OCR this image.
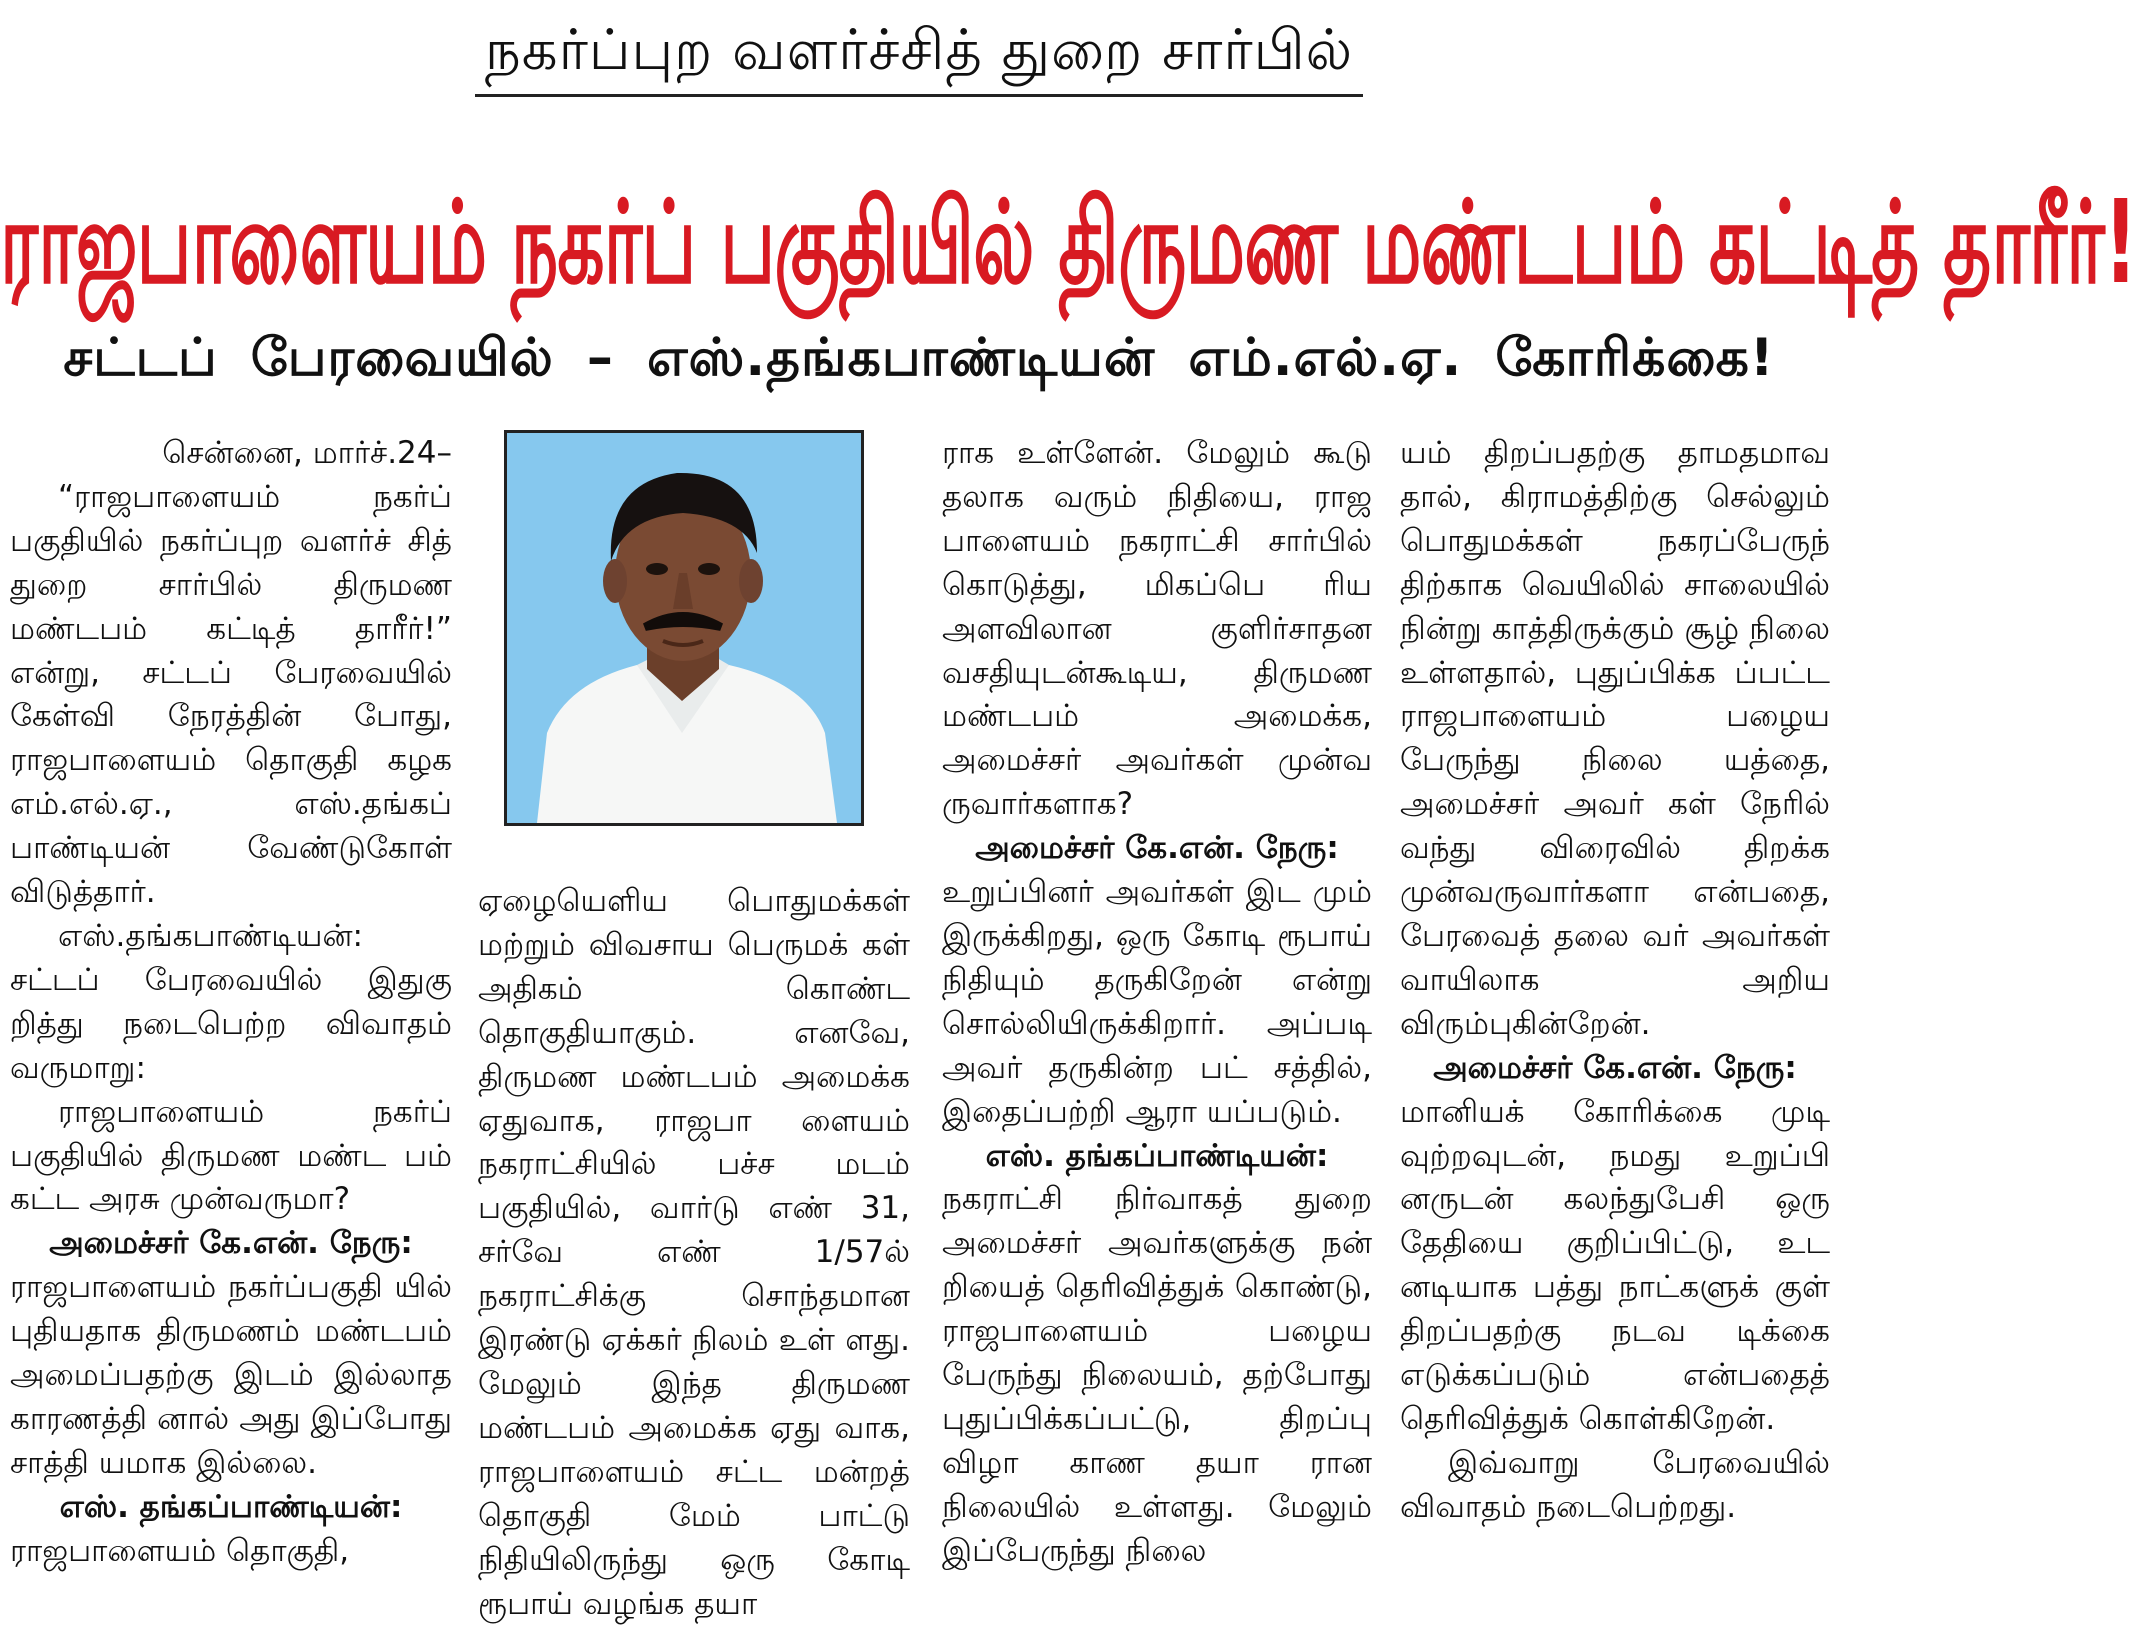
நகர்ப்புற வளர்ச்சித் துறை சார்பில்
ராஜபாளையம் நகர்ப் பகுதியில் திருமண மண்டபம் கட்டித் தாரீர்!
சட்டப் பேரவையில் – எஸ்.தங்கபாண்டியன் எம்.எல்.ஏ. கோரிக்கை!

சென்னை, மார்ச்.24–

“ராஜபாளையம் நகர்ப் பகுதியில் நகர்ப்புற வளர்ச் சித் துறை சார்பில் திருமண மண்டபம் கட்டித் தாரீர்!” என்று, சட்டப் பேரவையில் கேள்வி நேரத்தின் போது, ராஜபாளையம் தொகுதி கழக எம்.எல்.ஏ., எஸ்.தங்கப் பாண்டியன் வேண்டுகோள் விடுத்தார்.

எஸ்.தங்கபாண்டியன்: சட்டப் பேரவையில் இதுகு றித்து நடைபெற்ற விவாதம் வருமாறு:

ராஜபாளையம் நகர்ப் பகுதியில் திருமண மண்ட பம் கட்ட அரசு முன்வருமா?

அமைச்சர் கே.என். நேரு:

ராஜபாளையம் நகர்ப்பகுதி யில் புதியதாக திருமணம் மண்டபம் அமைப்பதற்கு இடம் இல்லாத காரணத்தி னால் அது இப்போது சாத்தி யமாக இல்லை.

எஸ். தங்கப்பாண்டியன்:

ராஜபாளையம் தொகுதி,

ஏழையெளிய பொதுமக்கள் மற்றும் விவசாய பெருமக் கள் அதிகம் கொண்ட தொகுதியாகும். எனவே, திருமண மண்டபம் அமைக்க ஏதுவாக, ராஜபா ளையம் நகராட்சியில் பச்ச மடம் பகுதியில், வார்டு எண் 31, சர்வே எண் 1/57ல் நகராட்சிக்கு சொந்தமான இரண்டு ஏக்கர் நிலம் உள் ளது. மேலும் இந்த திருமண மண்டபம் அமைக்க ஏது வாக, ராஜபாளையம் சட்ட மன்றத் தொகுதி மேம் பாட்டு நிதியிலிருந்து ஒரு கோடி ரூபாய் வழங்க தயா

ராக உள்ளேன். மேலும் கூடு தலாக வரும் நிதியை, ராஜ பாளையம் நகராட்சி சார்பில் கொடுத்து, மிகப்பெ ரிய அளவிலான குளிர்சாதன வசதியுடன்கூடிய, திருமண மண்டபம் அமைக்க, அமைச்சர் அவர்கள் முன்வ ருவார்களாக?

அமைச்சர் கே.என். நேரு:

உறுப்பினர் அவர்கள் இட மும் இருக்கிறது, ஒரு கோடி ரூபாய் நிதியும் தருகிறேன் என்று சொல்லியிருக்கிறார். அப்படி அவர் தருகின்ற பட் சத்தில், இதைப்பற்றி ஆரா யப்படும்.

எஸ். தங்கப்பாண்டியன்:

நகராட்சி நிர்வாகத் துறை அமைச்சர் அவர்களுக்கு நன் றியைத் தெரிவித்துக் கொண்டு, ராஜபாளையம் பழைய பேருந்து நிலையம், தற்போது புதுப்பிக்கப்பட்டு, திறப்பு விழா காண தயா ரான நிலையில் உள்ளது. மேலும் இப்பேருந்து நிலை

யம் திறப்பதற்கு தாமதமாவ தால், கிராமத்திற்கு செல்லும் பொதுமக்கள் நகரப்பேருந் திற்காக வெயிலில் சாலையில் நின்று காத்திருக்கும் சூழ் நிலை உள்ளதால், புதுப்பிக்க ப்பட்ட ராஜபாளையம் பழைய பேருந்து நிலை யத்தை, அமைச்சர் அவர் கள் நேரில் வந்து விரைவில் திறக்க முன்வருவார்களா என்பதை, பேரவைத் தலை வர் அவர்கள் வாயிலாக அறிய விரும்புகின்றேன்.

அமைச்சர் கே.என். நேரு:

மானியக் கோரிக்கை முடி வுற்றவுடன், நமது உறுப்பி னருடன் கலந்துபேசி ஒரு தேதியை குறிப்பிட்டு, உட னடியாக பத்து நாட்களுக் குள் திறப்பதற்கு நடவ டிக்கை எடுக்கப்படும் என்பதைத் தெரிவித்துக் கொள்கிறேன்.

இவ்வாறு பேரவையில் விவாதம் நடைபெற்றது.
